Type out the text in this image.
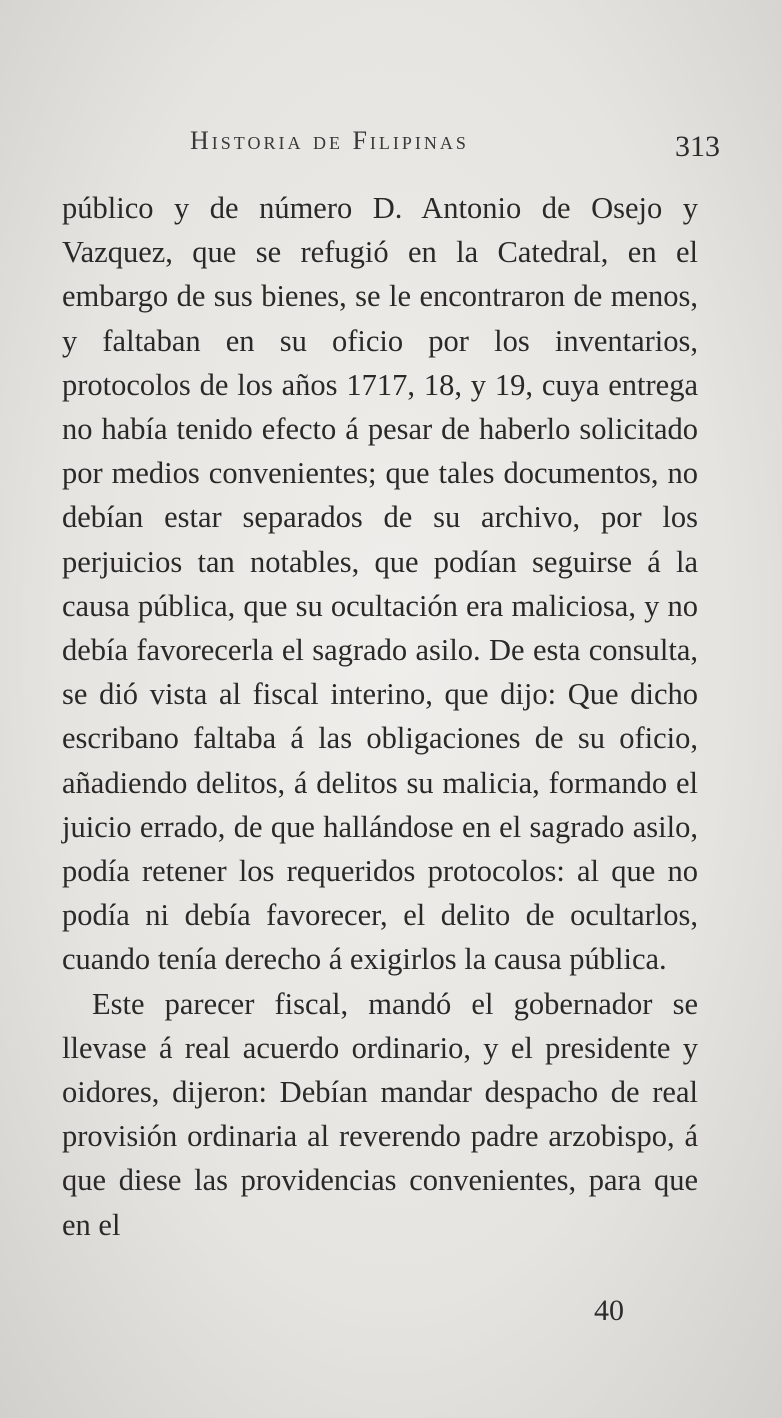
Historia de Filipinas	313

público y de número D. Antonio de Osejo y Vazquez, que se refugió en la Catedral, en el embargo de sus bienes, se le encontraron de menos, y faltaban en su oficio por los inventarios, protocolos de los años 1717, 18, y 19, cuya entrega no había tenido efecto á pesar de haberlo solicitado por medios convenientes; que tales documentos, no debían estar separados de su archivo, por los perjuicios tan notables, que podían seguirse á la causa pública, que su ocultación era maliciosa, y no debía favorecerla el sagrado asilo. De esta consulta, se dió vista al fiscal interino, que dijo: Que dicho escribano faltaba á las obligaciones de su oficio, añadiendo delitos, á delitos su malicia, formando el juicio errado, de que hallándose en el sagrado asilo, podía retener los requeridos protocolos: al que no podía ni debía favorecer, el delito de ocultarlos, cuando tenía derecho á exigirlos la causa pública.

Este parecer fiscal, mandó el gobernador se llevase á real acuerdo ordinario, y el presidente y oidores, dijeron: Debían mandar despacho de real provisión ordinaria al reverendo padre arzobispo, á que diese las providencias convenientes, para que en el

40
